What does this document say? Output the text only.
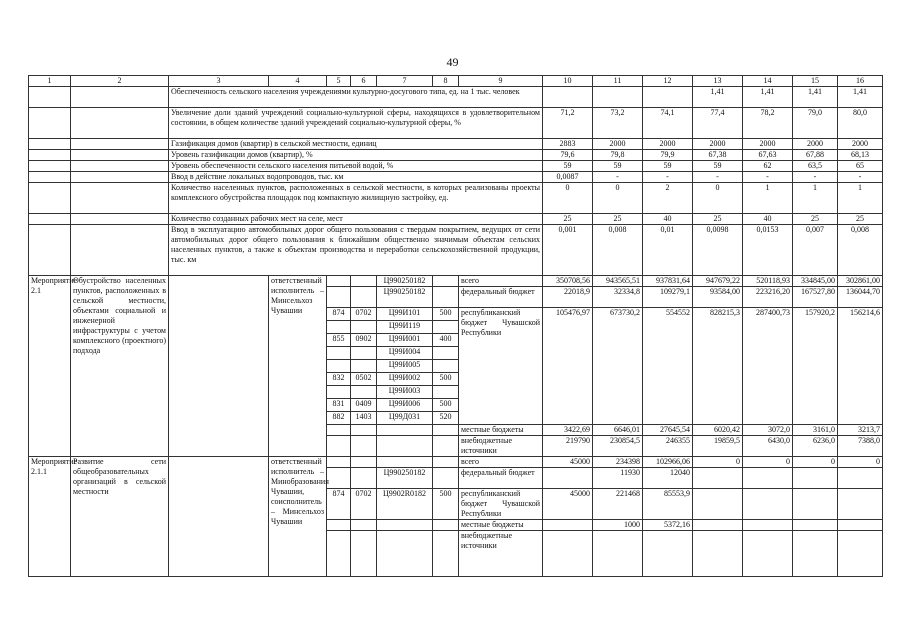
49
1	2	3	4	5	6	7	8	9	10	11	12	13	14	15	16
		Обеспеченность сельского населения учреждениями культурно-досугового типа, ед. на 1 тыс. человек										1,41	1,41	1,41	1,41
		Увеличение доли зданий учреждений социально-культурной сферы, находящихся в удовлетворительном состоянии, в общем количестве зданий учреждений социально-культурной сферы, %							71,2	73,2	74,1	77,4	78,2	79,0	80,0
		Газификация домов (квартир) в сельской местности, единиц							2883	2000	2000	2000	2000	2000	2000
		Уровень газификации домов (квартир), %							79,6	79,8	79,9	67,38	67,63	67,88	68,13
		Уровень обеспеченности сельского населения питьевой водой, %							59	59	59	59	62	63,5	65
		Ввод в действие локальных водопроводов, тыс. км							0,0087	-	-	-	-	-	-
		Количество населенных пунктов, расположенных в сельской местности, в которых реализованы проекты комплексного обустройства площадок под компактную жилищную застройку, ед.							0	0	2	0	1	1	1
		Количество созданных рабочих мест на селе, мест							25	25	40	25	40	25	25
		Ввод в эксплуатацию автомобильных дорог общего пользования с твердым покрытием, ведущих от сети автомобильных дорог общего пользования к ближайшим общественно значимым объектам сельских населенных пунктов, а также к объектам производства и переработки сельскохозяйственной продукции, тыс. км							0,001	0,008	0,01	0,0098	0,0153	0,007	0,008
Мероприятие 2.1	Обустройство населенных пунктов, расположенных в сельской местности, объектами социальной и инженерной инфраструктуры с учетом комплексного (проектного) подхода		ответственный исполнитель – Минсельхоз Чувашии			Ц990250182		всего	350708,56	943565,51	937831,64	947679,22	520118,93	334845,00	302861,00
						Ц990250182		федеральный бюджет	22018,9	32334,8	109279,1	93584,00	223216,20	167527,80	136044,70
				874	0702	Ц99И101	500	республиканский бюджет Чувашской Республики	105476,97	673730,2	554552	828215,3	287400,73	157920,2	156214,6
						Ц99И119									
				855	0902	Ц99И001	400								
						Ц99И004									
						Ц99И005									
				832	0502	Ц99И002	500								
						Ц99И003									
				831	0409	Ц99И006	500								
				882	1403	Ц99Д031	520								
								местные бюджеты	3422,69	6646,01	27645,54	6020,42	3072,0	3161,0	3213,7
								внебюджетные источники	219790	230854,5	246355	19859,5	6430,0	6236,0	7388,0
Мероприятие 2.1.1	Развитие сети общеобразовательных организаций в сельской местности		ответственный исполнитель – Минобразования Чувашии, соисполнитель – Минсельхоз Чувашии					всего	45000	234398	102966,06	0	0	0	0
						Ц990250182		федеральный бюджет		11930	12040				
				874	0702	Ц9902R0182	500	республиканский бюджет Чувашской Республики	45000	221468	85553,9				
								местные бюджеты		1000	5372,16				
								внебюджетные источники							
